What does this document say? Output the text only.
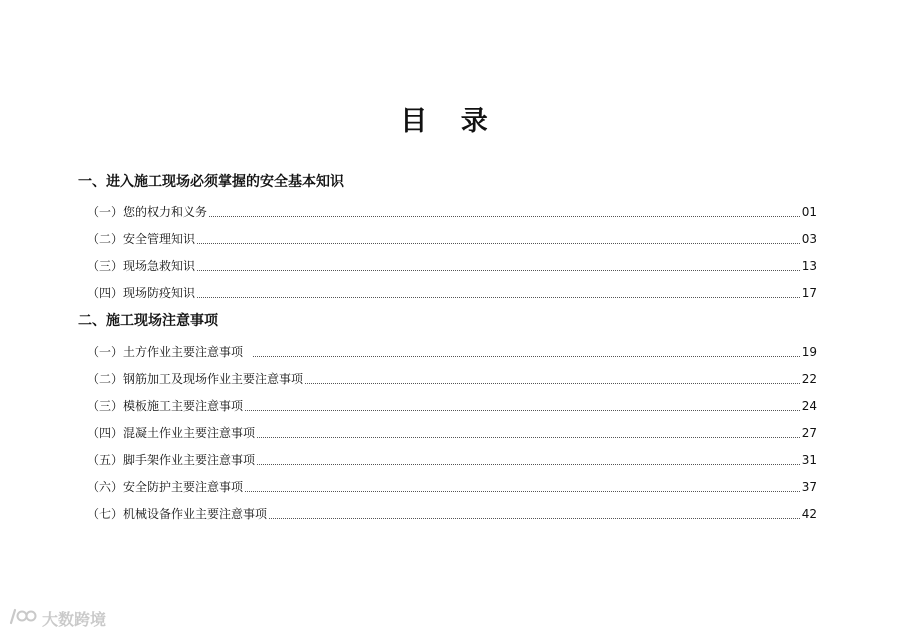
目 录
一、进入施工现场必须掌握的安全基本知识
（一）您的权力和义务	01
（二）安全管理知识	03
（三）现场急救知识	13
（四）现场防疫知识	17
二、施工现场注意事项
（一）土方作业主要注意事项	19
（二）钢筋加工及现场作业主要注意事项	22
（三）模板施工主要注意事项	24
（四）混凝土作业主要注意事项	27
（五）脚手架作业主要注意事项	31
（六）安全防护主要注意事项	37
（七）机械设备作业主要注意事项	42
大数跨境
